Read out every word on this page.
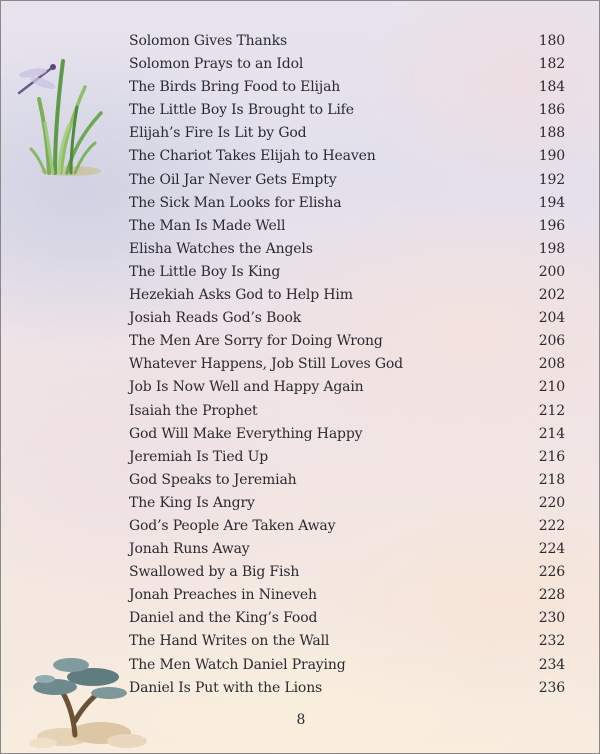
Solomon Gives Thanks	180
Solomon Prays to an Idol	182
The Birds Bring Food to Elijah	184
The Little Boy Is Brought to Life	186
Elijah’s Fire Is Lit by God	188
The Chariot Takes Elijah to Heaven	190
The Oil Jar Never Gets Empty	192
The Sick Man Looks for Elisha	194
The Man Is Made Well	196
Elisha Watches the Angels	198
The Little Boy Is King	200
Hezekiah Asks God to Help Him	202
Josiah Reads God’s Book	204
The Men Are Sorry for Doing Wrong	206
Whatever Happens, Job Still Loves God	208
Job Is Now Well and Happy Again	210
Isaiah the Prophet	212
God Will Make Everything Happy	214
Jeremiah Is Tied Up	216
God Speaks to Jeremiah	218
The King Is Angry	220
God’s People Are Taken Away	222
Jonah Runs Away	224
Swallowed by a Big Fish	226
Jonah Preaches in Nineveh	228
Daniel and the King’s Food	230
The Hand Writes on the Wall	232
The Men Watch Daniel Praying	234
Daniel Is Put with the Lions	236
8
